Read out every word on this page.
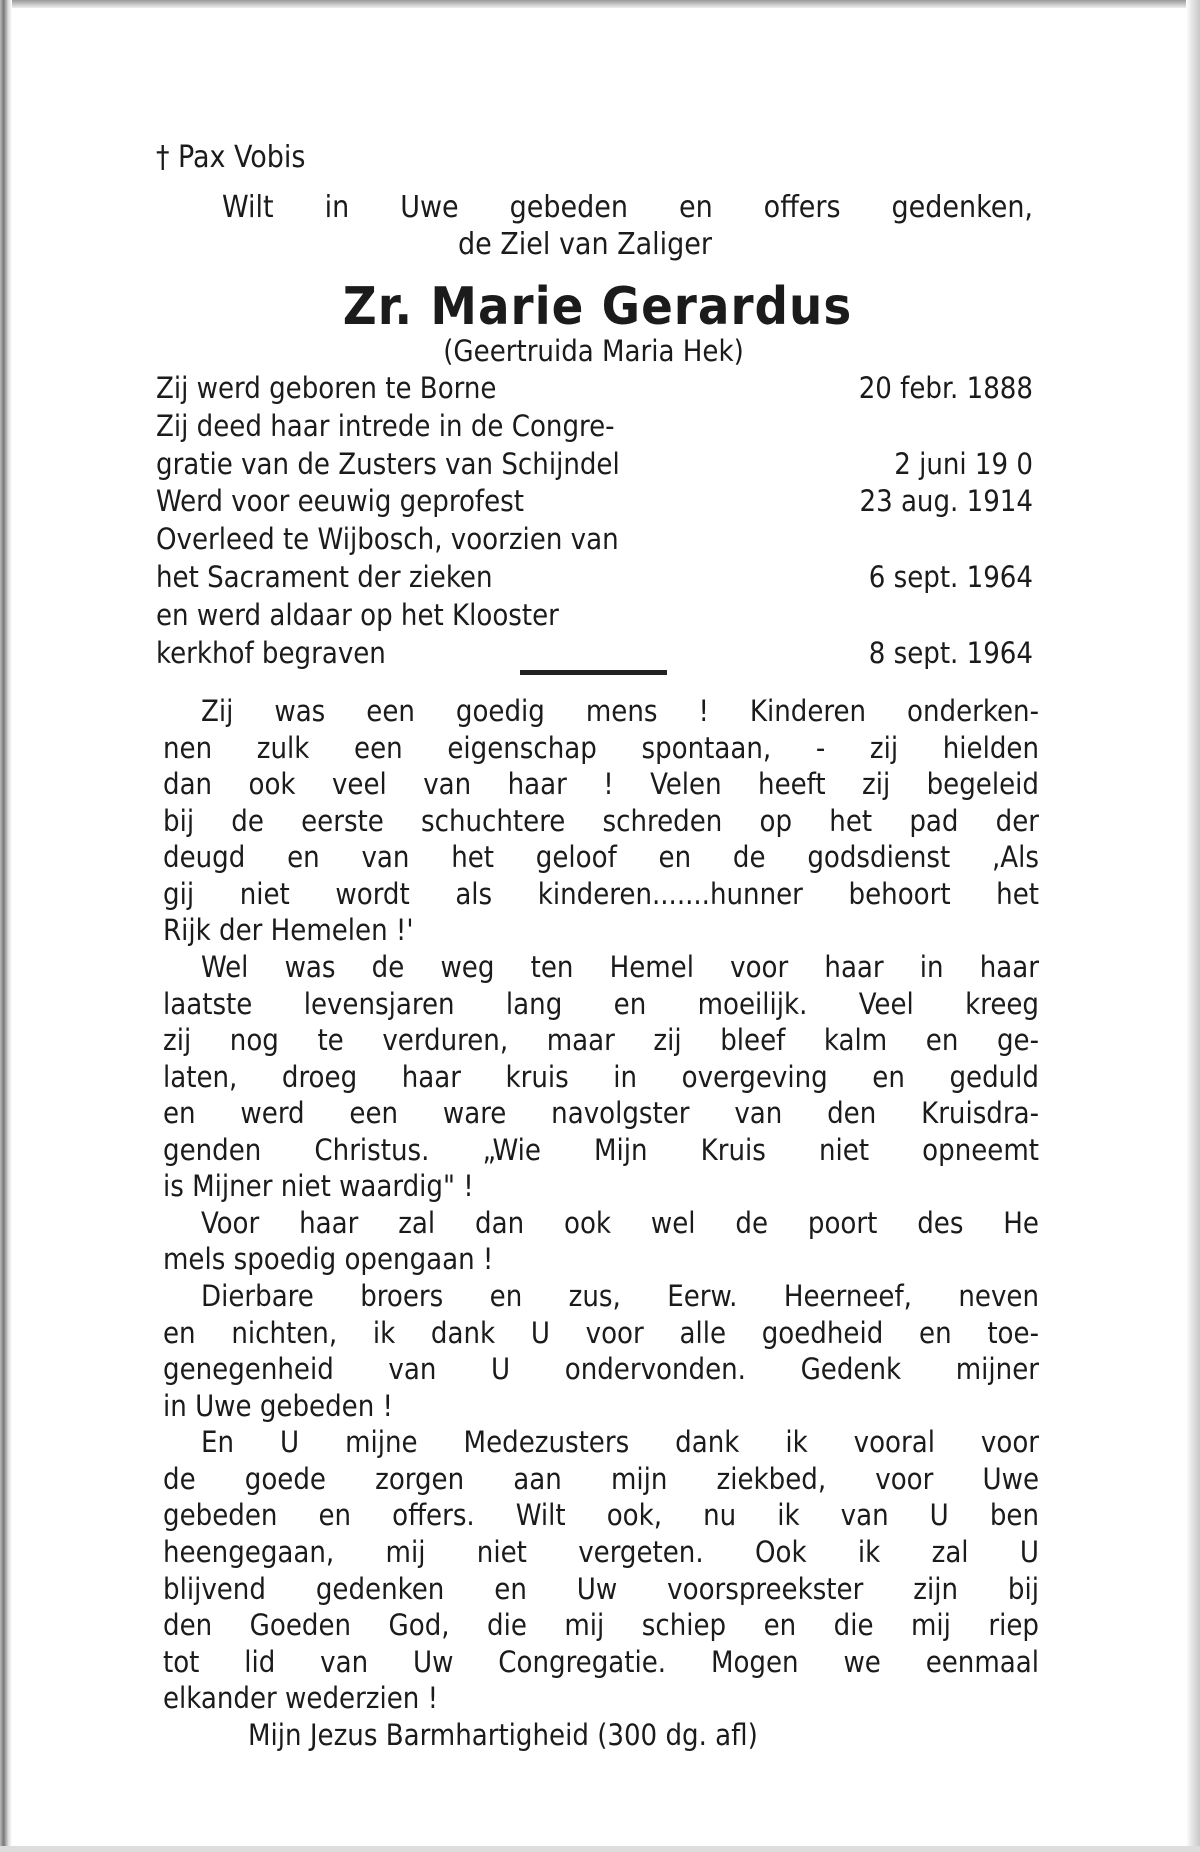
† Pax Vobis
Wilt in Uwe gebeden en offers gedenken,
de Ziel van Zaliger
Zr. Marie Gerardus
(Geertruida Maria Hek)
Zij werd geboren te Borne	20 febr. 1888
Zij deed haar intrede in de Congre-
gratie van de Zusters van Schijndel	2 juni 19 0
Werd voor eeuwig geprofest	23 aug. 1914
Overleed te Wijbosch, voorzien van
het Sacrament der zieken	6 sept. 1964
en werd aldaar op het Klooster
kerkhof begraven	8 sept. 1964
Zij was een goedig mens ! Kinderen onderken-
nen zulk een eigenschap spontaan, - zij hielden
dan ook veel van haar ! Velen heeft zij begeleid
bij de eerste schuchtere schreden op het pad der
deugd en van het geloof en de godsdienst ,Als
gij niet wordt als kinderen.......hunner behoort het
Rijk der Hemelen !'
Wel was de weg ten Hemel voor haar in haar
laatste levensjaren lang en moeilijk. Veel kreeg
zij nog te verduren, maar zij bleef kalm en ge-
laten, droeg haar kruis in overgeving en geduld
en werd een ware navolgster van den Kruisdra-
genden Christus. „Wie Mijn Kruis niet opneemt
is Mijner niet waardig" !
Voor haar zal dan ook wel de poort des He
mels spoedig opengaan !
Dierbare broers en zus, Eerw. Heerneef, neven
en nichten, ik dank U voor alle goedheid en toe-
genegenheid van U ondervonden. Gedenk mijner
in Uwe gebeden !
En U mijne Medezusters dank ik vooral voor
de goede zorgen aan mijn ziekbed, voor Uwe
gebeden en offers. Wilt ook, nu ik van U ben
heengegaan, mij niet vergeten. Ook ik zal U
blijvend gedenken en Uw voorspreekster zijn bij
den Goeden God, die mij schiep en die mij riep
tot lid van Uw Congregatie. Mogen we eenmaal
elkander wederzien !
Mijn Jezus Barmhartigheid (300 dg. afl)
